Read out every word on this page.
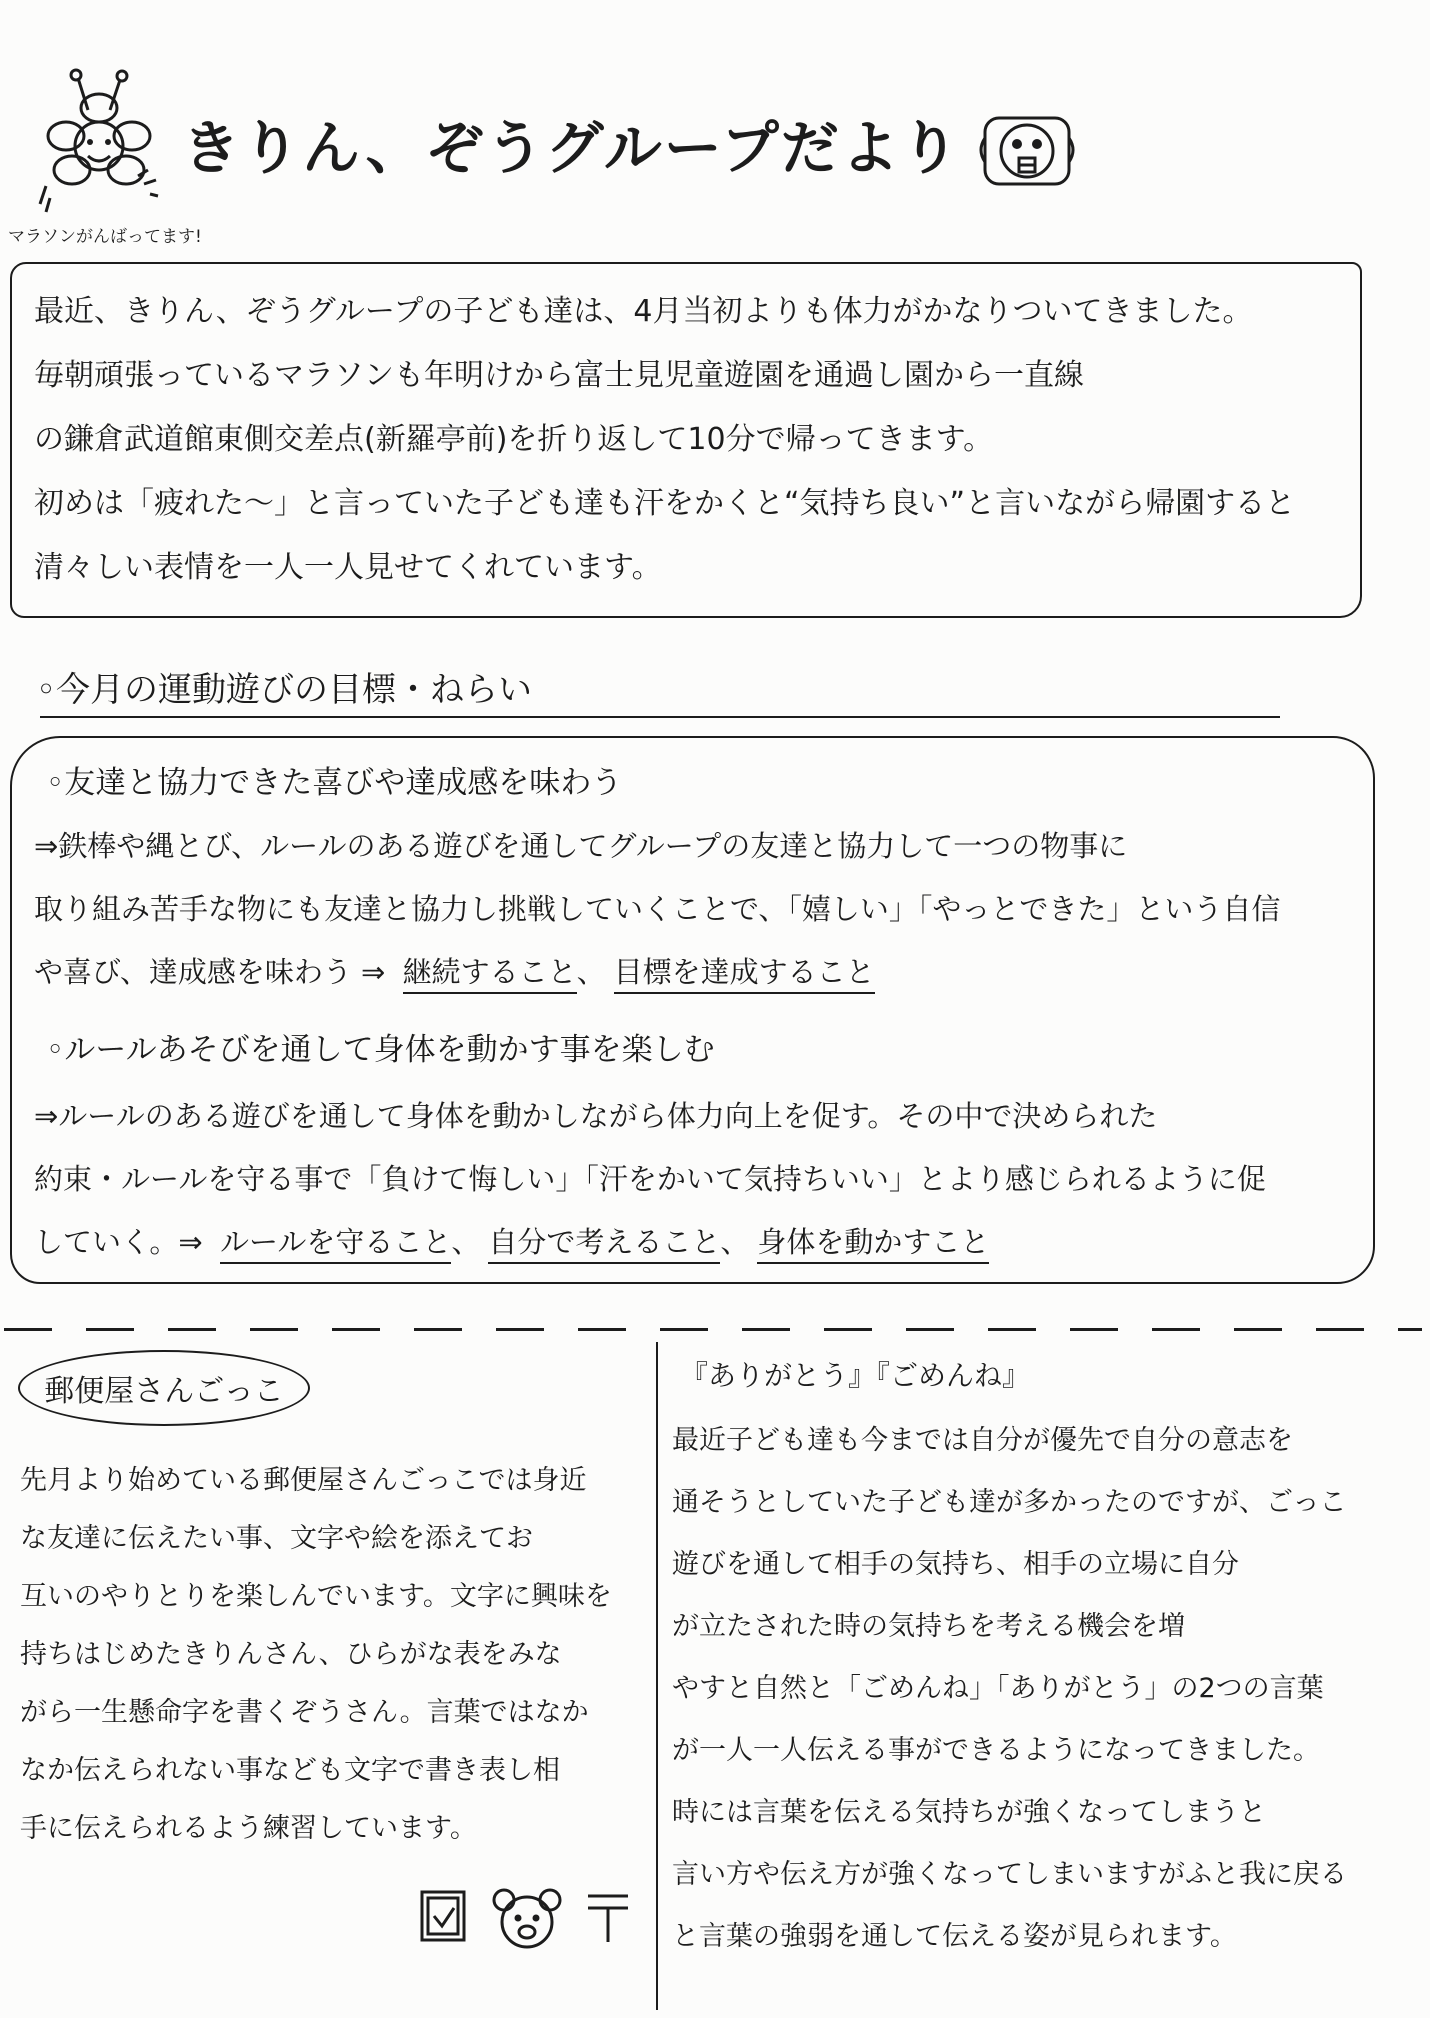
きりん、ぞうグループだより
マラソンがんばってます!
最近、きりん、ぞうグループの子ども達は、4月当初よりも体力がかなりついてきました。
毎朝頑張っているマラソンも年明けから富士見児童遊園を通過し園から一直線
の鎌倉武道館東側交差点(新羅亭前)を折り返して10分で帰ってきます。
初めは「疲れた〜」と言っていた子ども達も汗をかくと“気持ち良い”と言いながら帰園すると
清々しい表情を一人一人見せてくれています。
◦今月の運動遊びの目標・ねらい
◦友達と協力できた喜びや達成感を味わう
⇒鉄棒や縄とび、ルールのある遊びを通してグループの友達と協力して一つの物事に
取り組み苦手な物にも友達と協力し挑戦していくことで、「嬉しい」「やっとできた」という自信
や喜び、達成感を味わう ⇒ 継続すること、 目標を達成すること
◦ルールあそびを通して身体を動かす事を楽しむ
⇒ルールのある遊びを通して身体を動かしながら体力向上を促す。その中で決められた
約束・ルールを守る事で「負けて悔しい」「汗をかいて気持ちいい」とより感じられるように促
していく。⇒ ルールを守ること、 自分で考えること、 身体を動かすこと
郵便屋さんごっこ
先月より始めている郵便屋さんごっこでは身近
な友達に伝えたい事、文字や絵を添えてお
互いのやりとりを楽しんでいます。文字に興味を
持ちはじめたきりんさん、ひらがな表をみな
がら一生懸命字を書くぞうさん。言葉ではなか
なか伝えられない事なども文字で書き表し相
手に伝えられるよう練習しています。
『ありがとう』『ごめんね』
最近子ども達も今までは自分が優先で自分の意志を
通そうとしていた子ども達が多かったのですが、ごっこ
遊びを通して相手の気持ち、相手の立場に自分
が立たされた時の気持ちを考える機会を増
やすと自然と「ごめんね」「ありがとう」の2つの言葉
が一人一人伝える事ができるようになってきました。
時には言葉を伝える気持ちが強くなってしまうと
言い方や伝え方が強くなってしまいますがふと我に戻る
と言葉の強弱を通して伝える姿が見られます。
